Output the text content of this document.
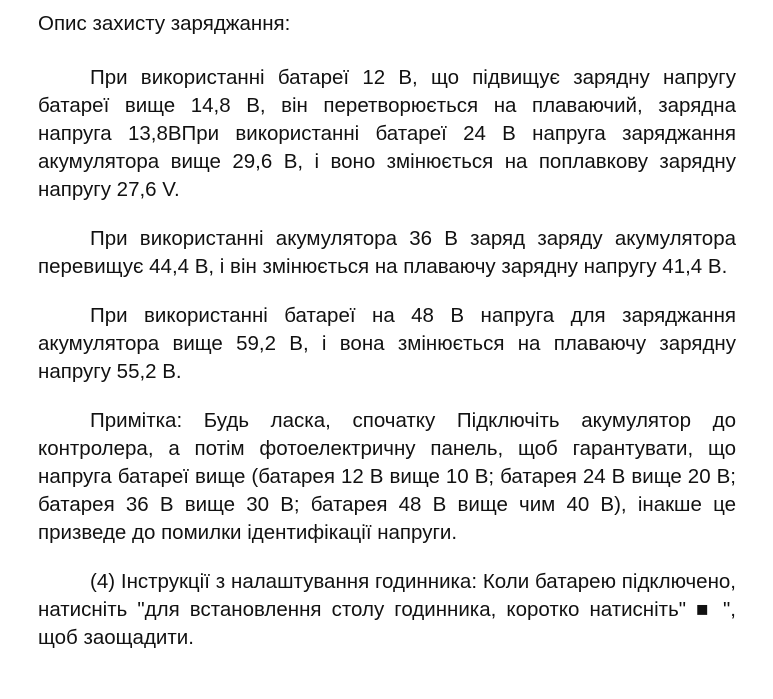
Опис захисту заряджання:

При використанні батареї 12 В, що підвищує зарядну напругу батареї вище 14,8 В, він перетворюється на плаваючий, зарядна напруга 13,8ВПри використанні батареї 24 В напруга заряджання акумулятора вище 29,6 В, і воно змінюється на поплавкову зарядну напругу 27,6 V.

При використанні акумулятора 36 В заряд заряду акумулятора перевищує 44,4 В, і він змінюється на плаваючу зарядну напругу 41,4 В.

При використанні батареї на 48 В напруга для заряджання акумулятора вище 59,2 В, і вона змінюється на плаваючу зарядну напругу 55,2 В.

Примітка: Будь ласка, спочатку Підключіть акумулятор до контролера, а потім фотоелектричну панель, щоб гарантувати, що напруга батареї вище (батарея 12 В вище 10 В; батарея 24 В вище 20 В; батарея 36 В вище 30 В; батарея 48 В вище чим 40 В), інакше це призведе до помилки ідентифікації напруги.

(4) Інструкції з налаштування годинника: Коли батарею підключено, натисніть "для встановлення столу годинника, коротко натисніть" ■ ", щоб заощадити.
